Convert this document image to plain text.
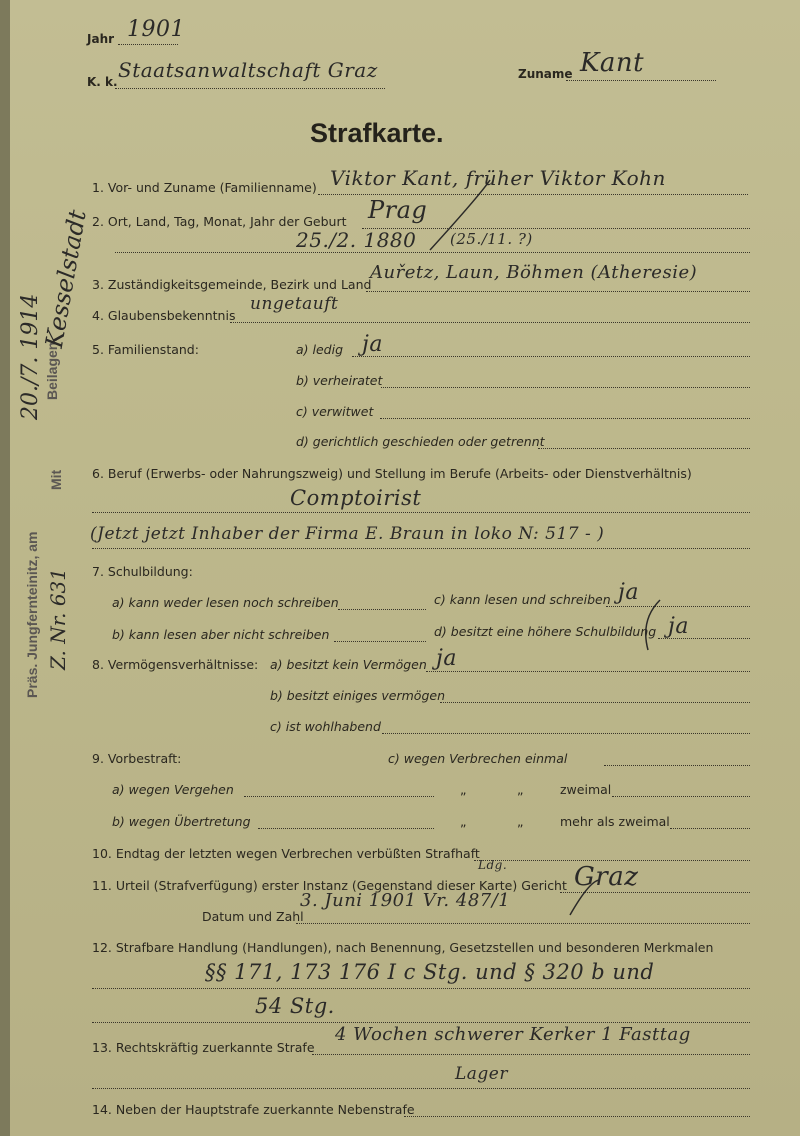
Jahr 1901
K. k. Staatsanwaltschaft Graz	Zuname Kant
Strafkarte.
1. Vor- und Zuname (Familienname) Viktor Kant, früher Viktor Kohn
2. Ort, Land, Tag, Monat, Jahr der Geburt Prag
25./2. 1880 (25./11. ?)
3. Zuständigkeitsgemeinde, Bezirk und Land
Auřetz, Laun, Böhmen (Atheresie)
4. Glaubensbekenntnis
ungetauft
5. Familienstand:	a) ledig ja
b) verheiratet
c) verwitwet
d) gerichtlich geschieden oder getrennt
6. Beruf (Erwerbs- oder Nahrungszweig) und Stellung im Berufe (Arbeits- oder Dienstverhältnis)
Comptoirist
(Jetzt jetzt Inhaber der Firma E. Braun in loko N: 517 - )
7. Schulbildung:
a) kann weder lesen noch schreiben	c) kann lesen und schreiben ja
b) kann lesen aber nicht schreiben	d) besitzt eine höhere Schulbildung ja
8. Vermögensverhältnisse: a) besitzt kein Vermögen ja
b) besitzt einiges vermögen
c) ist wohlhabend
9. Vorbestraft:	c) wegen Verbrechen einmal
a) wegen Vergehen	„	„	zweimal
b) wegen Übertretung	„	„	mehr als zweimal
10. Endtag der letzten wegen Verbrechen verbüßten Strafhaft
11. Urteil (Strafverfügung) erster Instanz (Gegenstand dieser Karte) Gericht
Ldg.	Graz
Datum und Zahl
3. Juni 1901 Vr. 487/1
12. Strafbare Handlung (Handlungen), nach Benennung, Gesetzstellen und besonderen Merkmalen
§§ 171, 173 176 I c Stg. und § 320 b und
54 Stg.
13. Rechtskräftig zuerkannte Strafe
4 Wochen schwerer Kerker 1 Fasttag
Lager
14. Neben der Hauptstrafe zuerkannte Nebenstrafe
Präs. Jungfernteinitz, am
20./7. 1914
Mit
Beilagen.
Z. Nr. 631
Kesselstadt
